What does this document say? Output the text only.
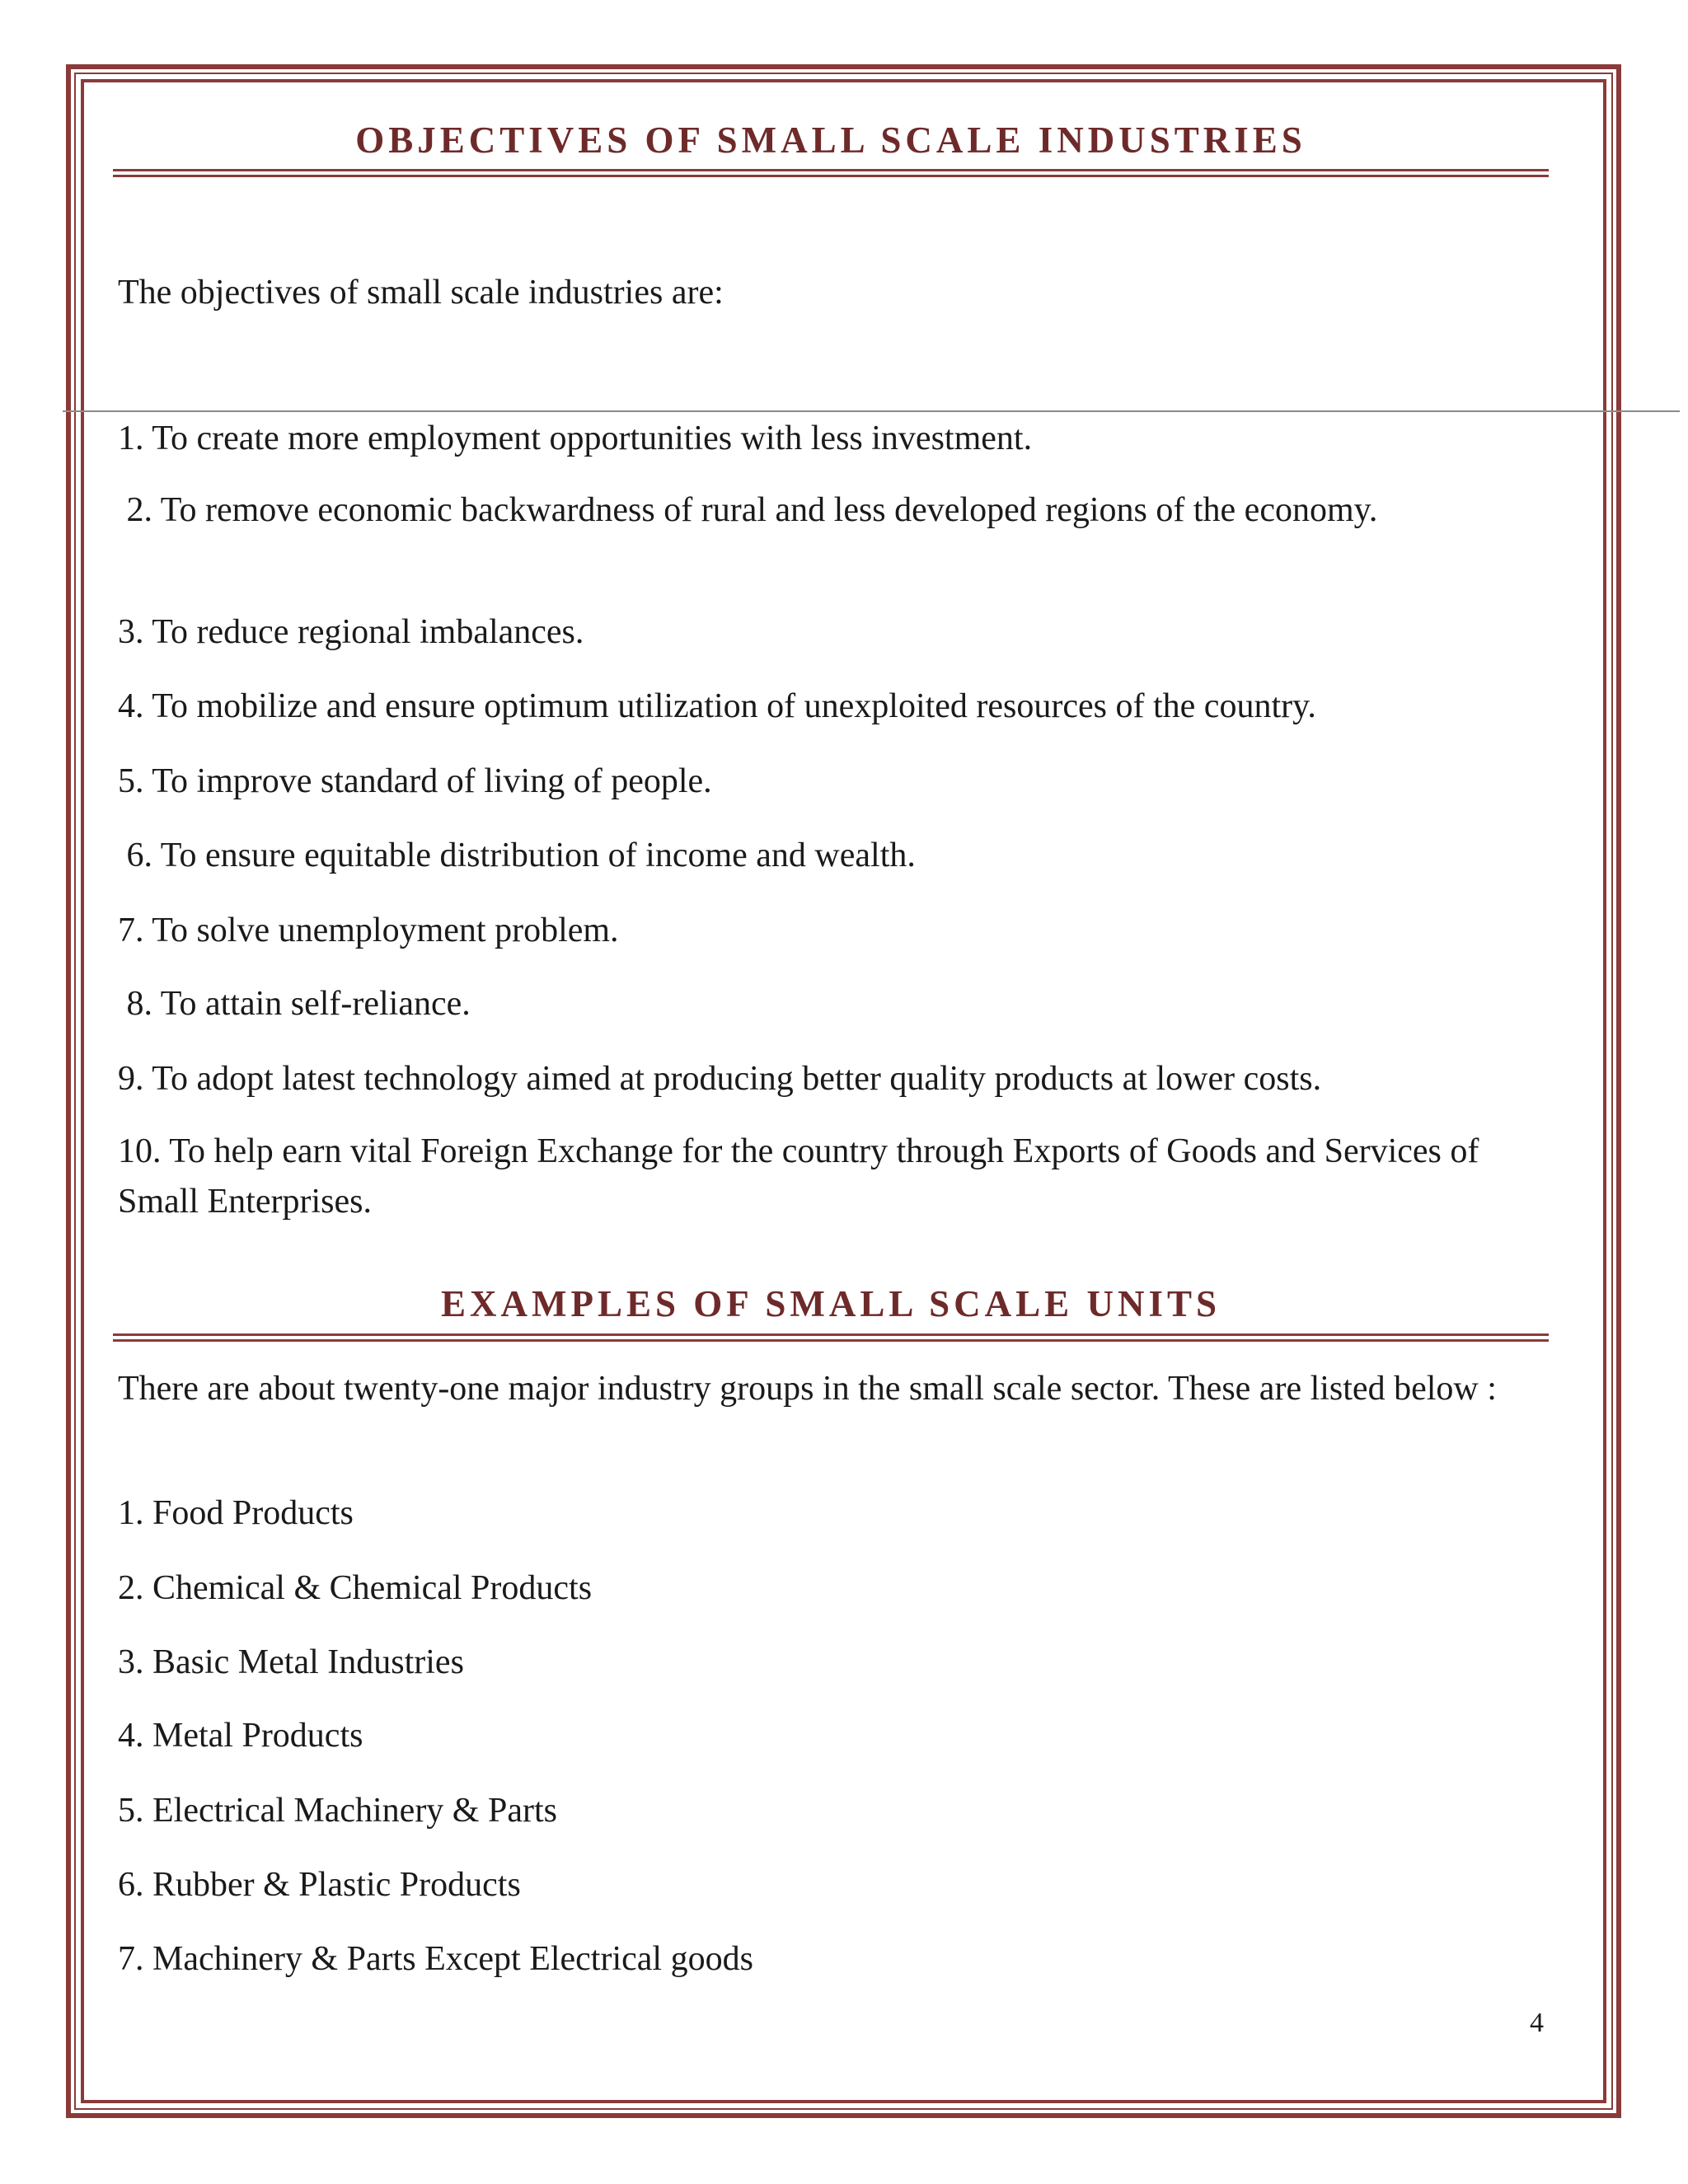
OBJECTIVES OF SMALL SCALE INDUSTRIES
The objectives of small scale industries are:
1. To create more employment opportunities with less investment.
2. To remove economic backwardness of rural and less developed regions of the economy.
3. To reduce regional imbalances.
4. To mobilize and ensure optimum utilization of unexploited resources of the country.
5. To improve standard of living of people.
6. To ensure equitable distribution of income and wealth.
7. To solve unemployment problem.
8. To attain self-reliance.
9. To adopt latest technology aimed at producing better quality products at lower costs.
10. To help earn vital Foreign Exchange for the country through Exports of Goods and Services of Small Enterprises.
EXAMPLES OF SMALL SCALE UNITS
There are about twenty-one major industry groups in the small scale sector. These are listed below :
1. Food Products
2. Chemical & Chemical Products
3. Basic Metal Industries
4. Metal Products
5. Electrical Machinery & Parts
6. Rubber & Plastic Products
7. Machinery & Parts Except Electrical goods
4
